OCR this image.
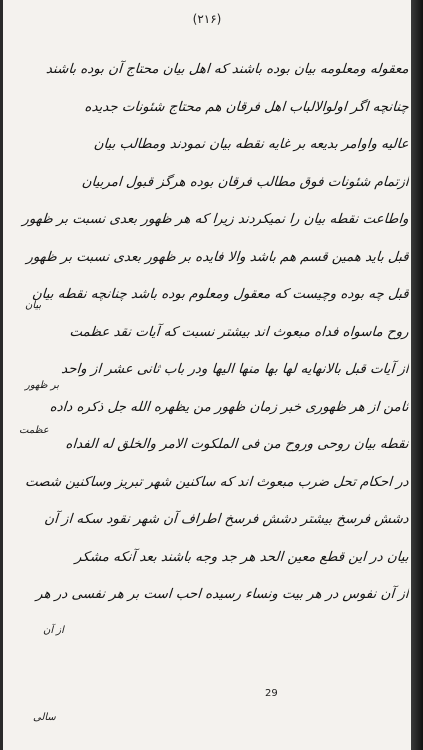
(۲۱۶)
معقوله ومعلومه بیان بوده باشند که اهل بیان محتاج آن بوده باشند
چنانچه اگر اولوالالباب اهل فرقان هم محتاج شئونات جدیده
عالیه واوامر بدیعه بر غایه نقطه بیان نمودند ومطالب بیان
ازتمام شئونات فوق مطالب فرقان بوده هرگز قبول امربیان
واطاعت نقطه بیان را نمیکردند زیرا که هر ظهور بعدی نسبت بر ظهور
قبل باید همین قسم هم باشد والا فایده بر ظهور بعدی نسبت بر ظهور
قبل چه بوده وچیست که معقول ومعلوم بوده باشد چنانچه نقطه بیان
روح ماسواه فداه مبعوث اند بیشتر نسبت که آیات نقد عظمت
از آیات قبل بالانهایه لها بها منها الیها ودر باب ثانی عشر از واحد
ثامن از هر ظهوری خبر زمان ظهور من یظهره الله جل ذکره داده
نقطه بیان روحی وروح من فی الملکوت الامر والخلق له الفداه
در احکام تحل ضرب مبعوث اند که ساکنین شهر تبریز وساکنین شصت
دشش فرسخ بیشتر دشش فرسخ اطراف آن شهر نقود سکه از آن
بیان در این قطع معین الحد هر جد وجه باشند بعد آنکه مشکر
از آن نفوس در هر بیت ونساء رسیده احب است بر هر نفسی در هر
بیان
بر ظهور
عظمت
از آن
سالی
29
